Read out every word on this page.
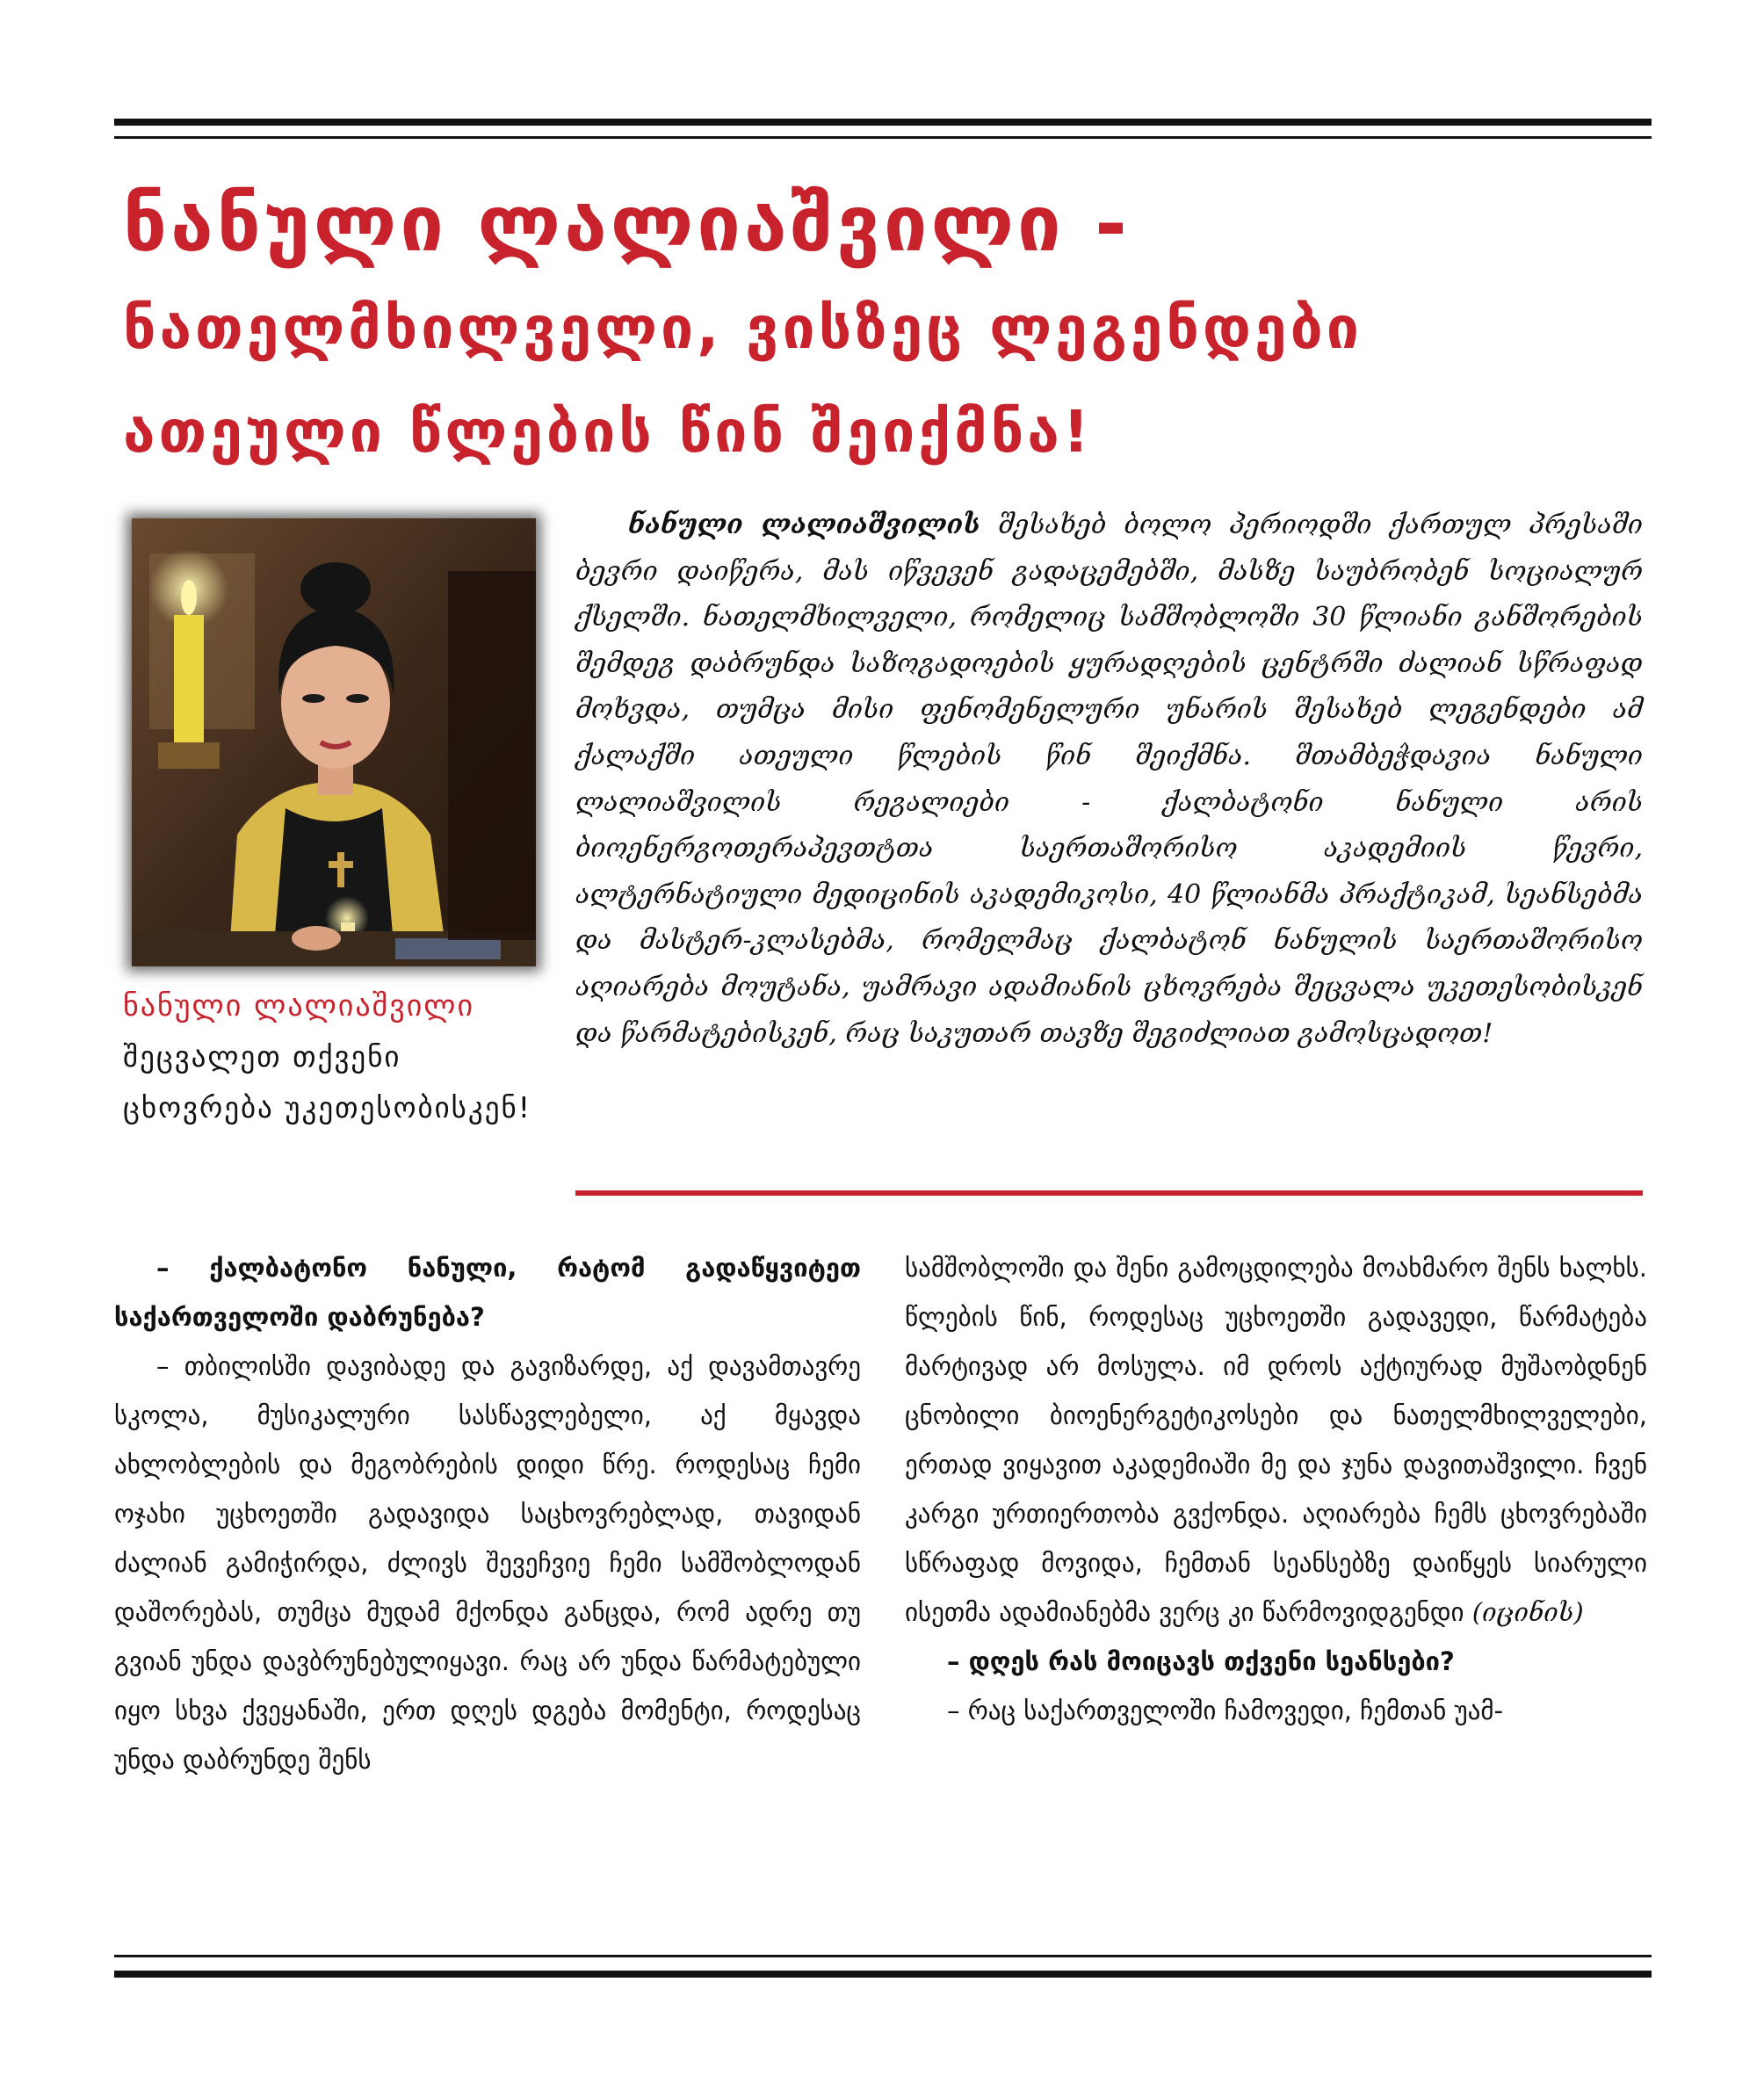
ნანული ლალიაშვილი -
ნათელმხილველი, ვისზეც ლეგენდები
ათეული წლების წინ შეიქმნა!
ნანული ლალიაშვილი
შეცვალეთ თქვენი ცხოვრება უკეთესობისკენ!

ნანული ლალიაშვილის შესახებ ბოლო პერიოდში ქართულ პრესაში ბევრი დაიწერა, მას იწვევენ გადაცემებში, მასზე საუბრობენ სოციალურ ქსელში. ნათელმხილველი, რომელიც სამშობლოში 30 წლიანი განშორების შემდეგ დაბრუნდა საზოგადოების ყურადღების ცენტრში ძალიან სწრაფად მოხვდა, თუმცა მისი ფენომენელური უნარის შესახებ ლეგენდები ამ ქალაქში ათეული წლების წინ შეიქმნა. შთამბეჭდავია ნანული ლალიაშვილის რეგალიები - ქალბატონი ნანული არის ბიოენერგოთერაპევთტთა საერთაშორისო აკადემიის წევრი, ალტერნატიული მედიცინის აკადემიკოსი, 40 წლიანმა პრაქტიკამ, სეანსებმა და მასტერ-კლასებმა, რომელმაც ქალბატონ ნანულის საერთაშორისო აღიარება მოუტანა, უამრავი ადამიანის ცხოვრება შეცვალა უკეთესობისკენ და წარმატებისკენ, რაც საკუთარ თავზე შეგიძლიათ გამოსცადოთ!

– ქალბატონო ნანული, რატომ გადაწყვიტეთ საქართველოში დაბრუნება?

– თბილისში დავიბადე და გავიზარდე, აქ დავამთავრე სკოლა, მუსიკალური სასწავლებელი, აქ მყავდა ახლობლების და მეგობრების დიდი წრე. როდესაც ჩემი ოჯახი უცხოეთში გადავიდა საცხოვრებლად, თავიდან ძალიან გამიჭირდა, ძლივს შევეჩვიე ჩემი სამშობლოდან დაშორებას, თუმცა მუდამ მქონდა განცდა, რომ ადრე თუ გვიან უნდა დავბრუნებულიყავი. რაც არ უნდა წარმატებული იყო სხვა ქვეყანაში, ერთ დღეს დგება მომენტი, როდესაც უნდა დაბრუნდე შენს

სამშობლოში და შენი გამოცდილება მოახმარო შენს ხალხს. წლების წინ, როდესაც უცხოეთში გადავედი, წარმატება მარტივად არ მოსულა. იმ დროს აქტიურად მუშაობდნენ ცნობილი ბიოენერგეტიკოსები და ნათელმხილველები, ერთად ვიყავით აკადემიაში მე და ჯუნა დავითაშვილი. ჩვენ კარგი ურთიერთობა გვქონდა. აღიარება ჩემს ცხოვრებაში სწრაფად მოვიდა, ჩემთან სეანსებზე დაიწყეს სიარული ისეთმა ადამიანებმა ვერც კი წარმოვიდგენდი (იცინის)

– დღეს რას მოიცავს თქვენი სეანსები?

– რაც საქართველოში ჩამოვედი, ჩემთან უამ-
